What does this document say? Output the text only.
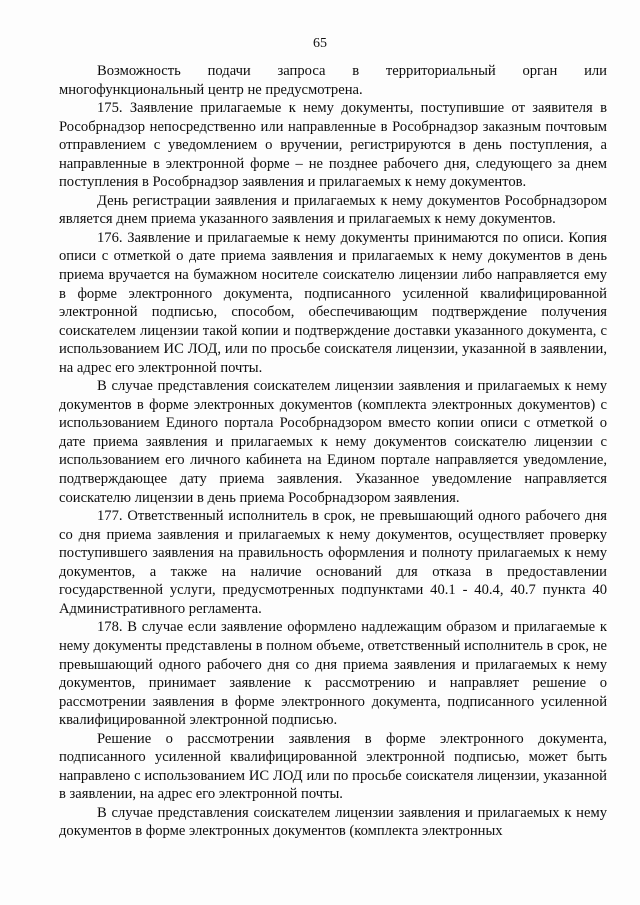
65

Возможность подачи запроса в территориальный орган или многофункциональный центр не предусмотрена.

175. Заявление прилагаемые к нему документы, поступившие от заявителя в Рособрнадзор непосредственно или направленные в Рособрнадзор заказным почтовым отправлением с уведомлением о вручении, регистрируются в день поступления, а направленные в электронной форме – не позднее рабочего дня, следующего за днем поступления в Рособрнадзор заявления и прилагаемых к нему документов.

День регистрации заявления и прилагаемых к нему документов Рособрнадзором является днем приема указанного заявления и прилагаемых к нему документов.

176. Заявление и прилагаемые к нему документы принимаются по описи. Копия описи с отметкой о дате приема заявления и прилагаемых к нему документов в день приема вручается на бумажном носителе соискателю лицензии либо направляется ему в форме электронного документа, подписанного усиленной квалифицированной электронной подписью, способом, обеспечивающим подтверждение получения соискателем лицензии такой копии и подтверждение доставки указанного документа, с использованием ИС ЛОД, или по просьбе соискателя лицензии, указанной в заявлении, на адрес его электронной почты.

В случае представления соискателем лицензии заявления и прилагаемых к нему документов в форме электронных документов (комплекта электронных документов) с использованием Единого портала Рособрнадзором вместо копии описи с отметкой о дате приема заявления и прилагаемых к нему документов соискателю лицензии с использованием его личного кабинета на Едином портале направляется уведомление, подтверждающее дату приема заявления. Указанное уведомление направляется соискателю лицензии в день приема Рособрнадзором заявления.

177. Ответственный исполнитель в срок, не превышающий одного рабочего дня со дня приема заявления и прилагаемых к нему документов, осуществляет проверку поступившего заявления на правильность оформления и полноту прилагаемых к нему документов, а также на наличие оснований для отказа в предоставлении государственной услуги, предусмотренных подпунктами 40.1 - 40.4, 40.7 пункта 40 Административного регламента.

178. В случае если заявление оформлено надлежащим образом и прилагаемые к нему документы представлены в полном объеме, ответственный исполнитель в срок, не превышающий одного рабочего дня со дня приема заявления и прилагаемых к нему документов, принимает заявление к рассмотрению и направляет решение о рассмотрении заявления в форме электронного документа, подписанного усиленной квалифицированной электронной подписью.

Решение о рассмотрении заявления в форме электронного документа, подписанного усиленной квалифицированной электронной подписью, может быть направлено с использованием ИС ЛОД или по просьбе соискателя лицензии, указанной в заявлении, на адрес его электронной почты.

В случае представления соискателем лицензии заявления и прилагаемых к нему документов в форме электронных документов (комплекта электронных
